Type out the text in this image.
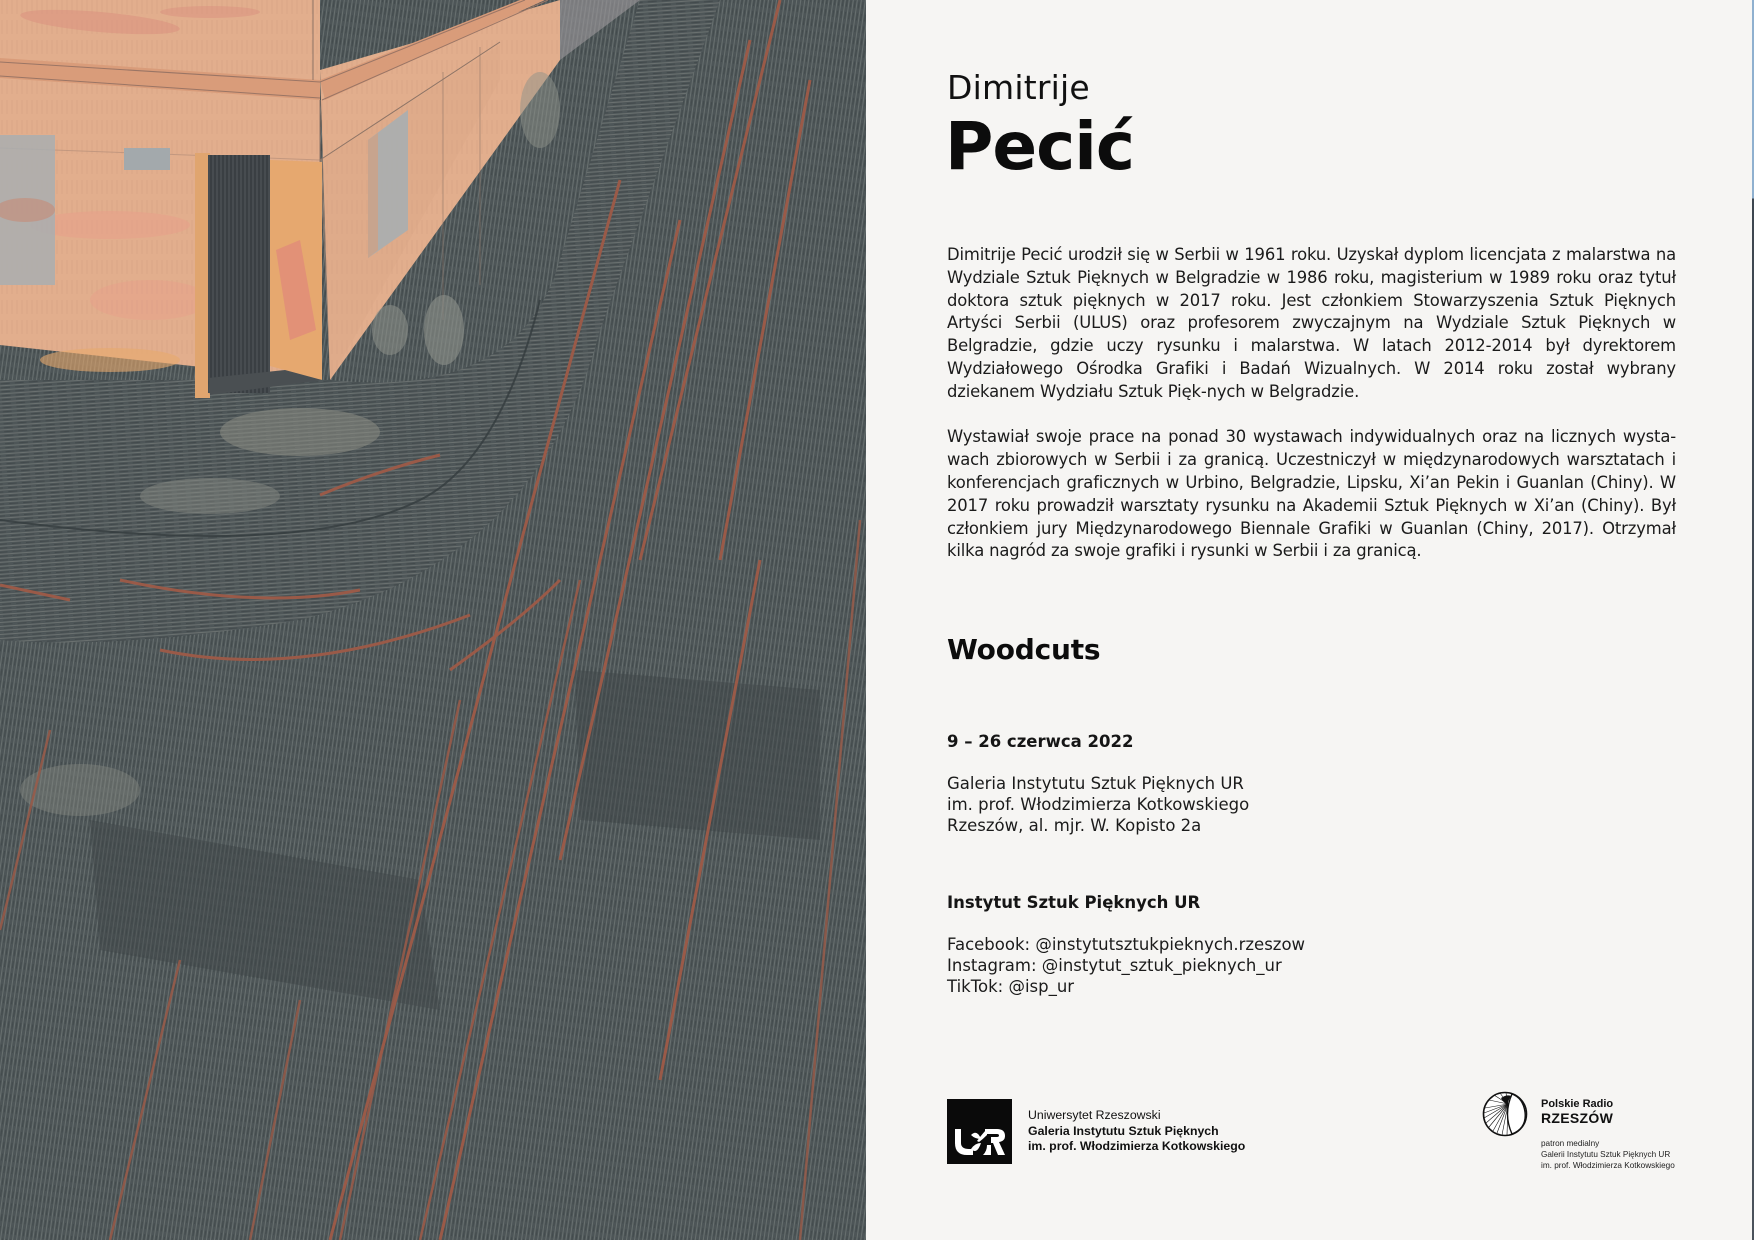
Dimitrije
Pecić

Dimitrije Pecić urodził się w Serbii w 1961 roku. Uzyskał dyplom licencjata z malarstwa na Wydziale Sztuk Pięknych w Belgradzie w 1986 roku, magisterium w 1989 roku oraz tytuł doktora sztuk pięknych w 2017 roku. Jest członkiem Stowarzyszenia Sztuk Pięknych Artyści Serbii (ULUS) oraz profesorem zwyczajnym na Wydziale Sztuk Pięknych w Belgradzie, gdzie uczy rysunku i malarstwa. W latach 2012-2014 był dyrektorem Wydziałowego Ośrodka Grafiki i Badań Wizualnych. W 2014 roku został wybrany dziekanem Wydziału Sztuk Pięk-nych w Belgradzie.

Wystawiał swoje prace na ponad 30 wystawach indywidualnych oraz na licznych wysta-wach zbiorowych w Serbii i za granicą. Uczestniczył w międzynarodowych warsztatach i konferencjach graficznych w Urbino, Belgradzie, Lipsku, Xi’an Pekin i Guanlan (Chiny). W 2017 roku prowadził warsztaty rysunku na Akademii Sztuk Pięknych w Xi’an (Chiny). Był członkiem jury Międzynarodowego Biennale Grafiki w Guanlan (Chiny, 2017). Otrzymał kilka nagród za swoje grafiki i rysunki w Serbii i za granicą.

Woodcuts
9 – 26 czerwca 2022
Galeria Instytutu Sztuk Pięknych UR
im. prof. Włodzimierza Kotkowskiego
Rzeszów, al. mjr. W. Kopisto 2a
Instytut Sztuk Pięknych UR
Facebook: @instytutsztukpieknych.rzeszow
Instagram: @instytut_sztuk_pieknych_ur
TikTok: @isp_ur
Uniwersytet Rzeszowski
Galeria Instytutu Sztuk Pięknych
im. prof. Włodzimierza Kotkowskiego
Polskie Radio
RZESZÓW
patron medialny
Galerii Instytutu Sztuk Pięknych UR
im. prof. Włodzimierza Kotkowskiego
